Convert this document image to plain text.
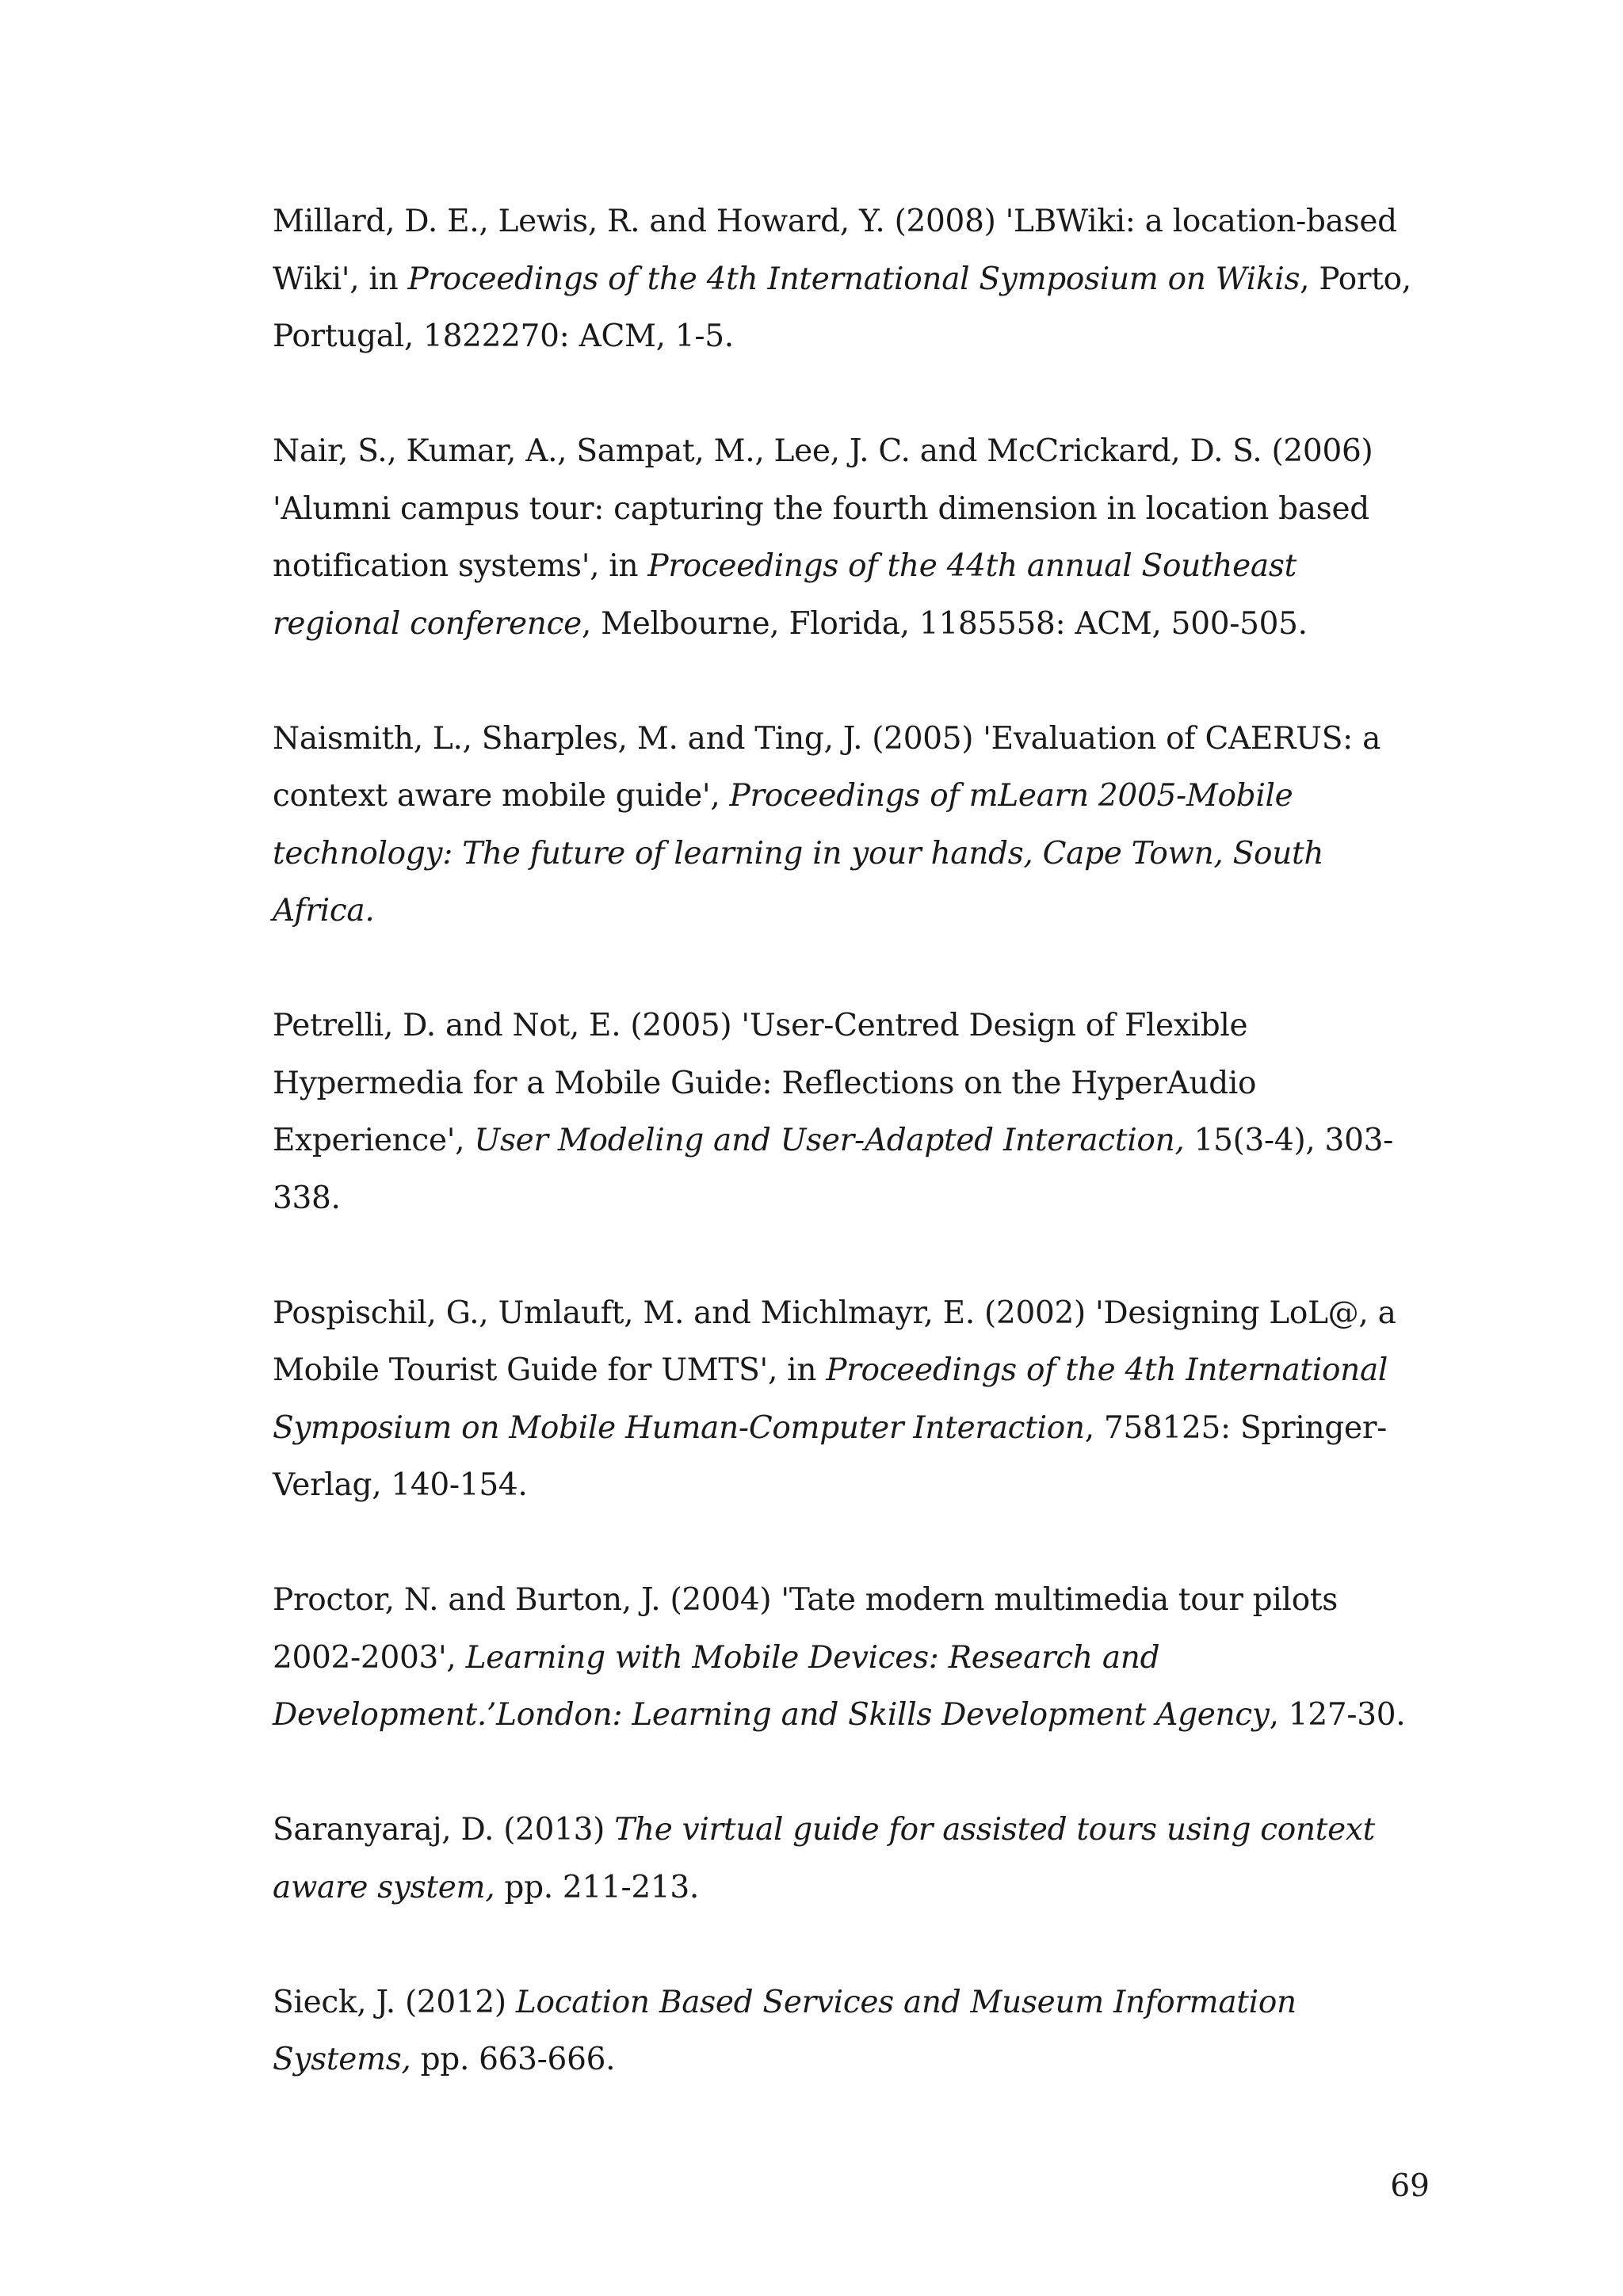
Millard, D. E., Lewis, R. and Howard, Y. (2008) 'LBWiki: a location-based Wiki', in Proceedings of the 4th International Symposium on Wikis, Porto, Portugal, 1822270: ACM, 1-5.
Nair, S., Kumar, A., Sampat, M., Lee, J. C. and McCrickard, D. S. (2006) 'Alumni campus tour: capturing the fourth dimension in location based notification systems', in Proceedings of the 44th annual Southeast regional conference, Melbourne, Florida, 1185558: ACM, 500-505.
Naismith, L., Sharples, M. and Ting, J. (2005) 'Evaluation of CAERUS: a context aware mobile guide', Proceedings of mLearn 2005-Mobile technology: The future of learning in your hands, Cape Town, South Africa.
Petrelli, D. and Not, E. (2005) 'User-Centred Design of Flexible Hypermedia for a Mobile Guide: Reflections on the HyperAudio Experience', User Modeling and User-Adapted Interaction, 15(3-4), 303-338.
Pospischil, G., Umlauft, M. and Michlmayr, E. (2002) 'Designing LoL@, a Mobile Tourist Guide for UMTS', in Proceedings of the 4th International Symposium on Mobile Human-Computer Interaction, 758125: Springer-Verlag, 140-154.
Proctor, N. and Burton, J. (2004) 'Tate modern multimedia tour pilots 2002-2003', Learning with Mobile Devices: Research and Development.’London: Learning and Skills Development Agency, 127-30.
Saranyaraj, D. (2013) The virtual guide for assisted tours using context aware system, pp. 211-213.
Sieck, J. (2012) Location Based Services and Museum Information Systems, pp. 663-666.
69
